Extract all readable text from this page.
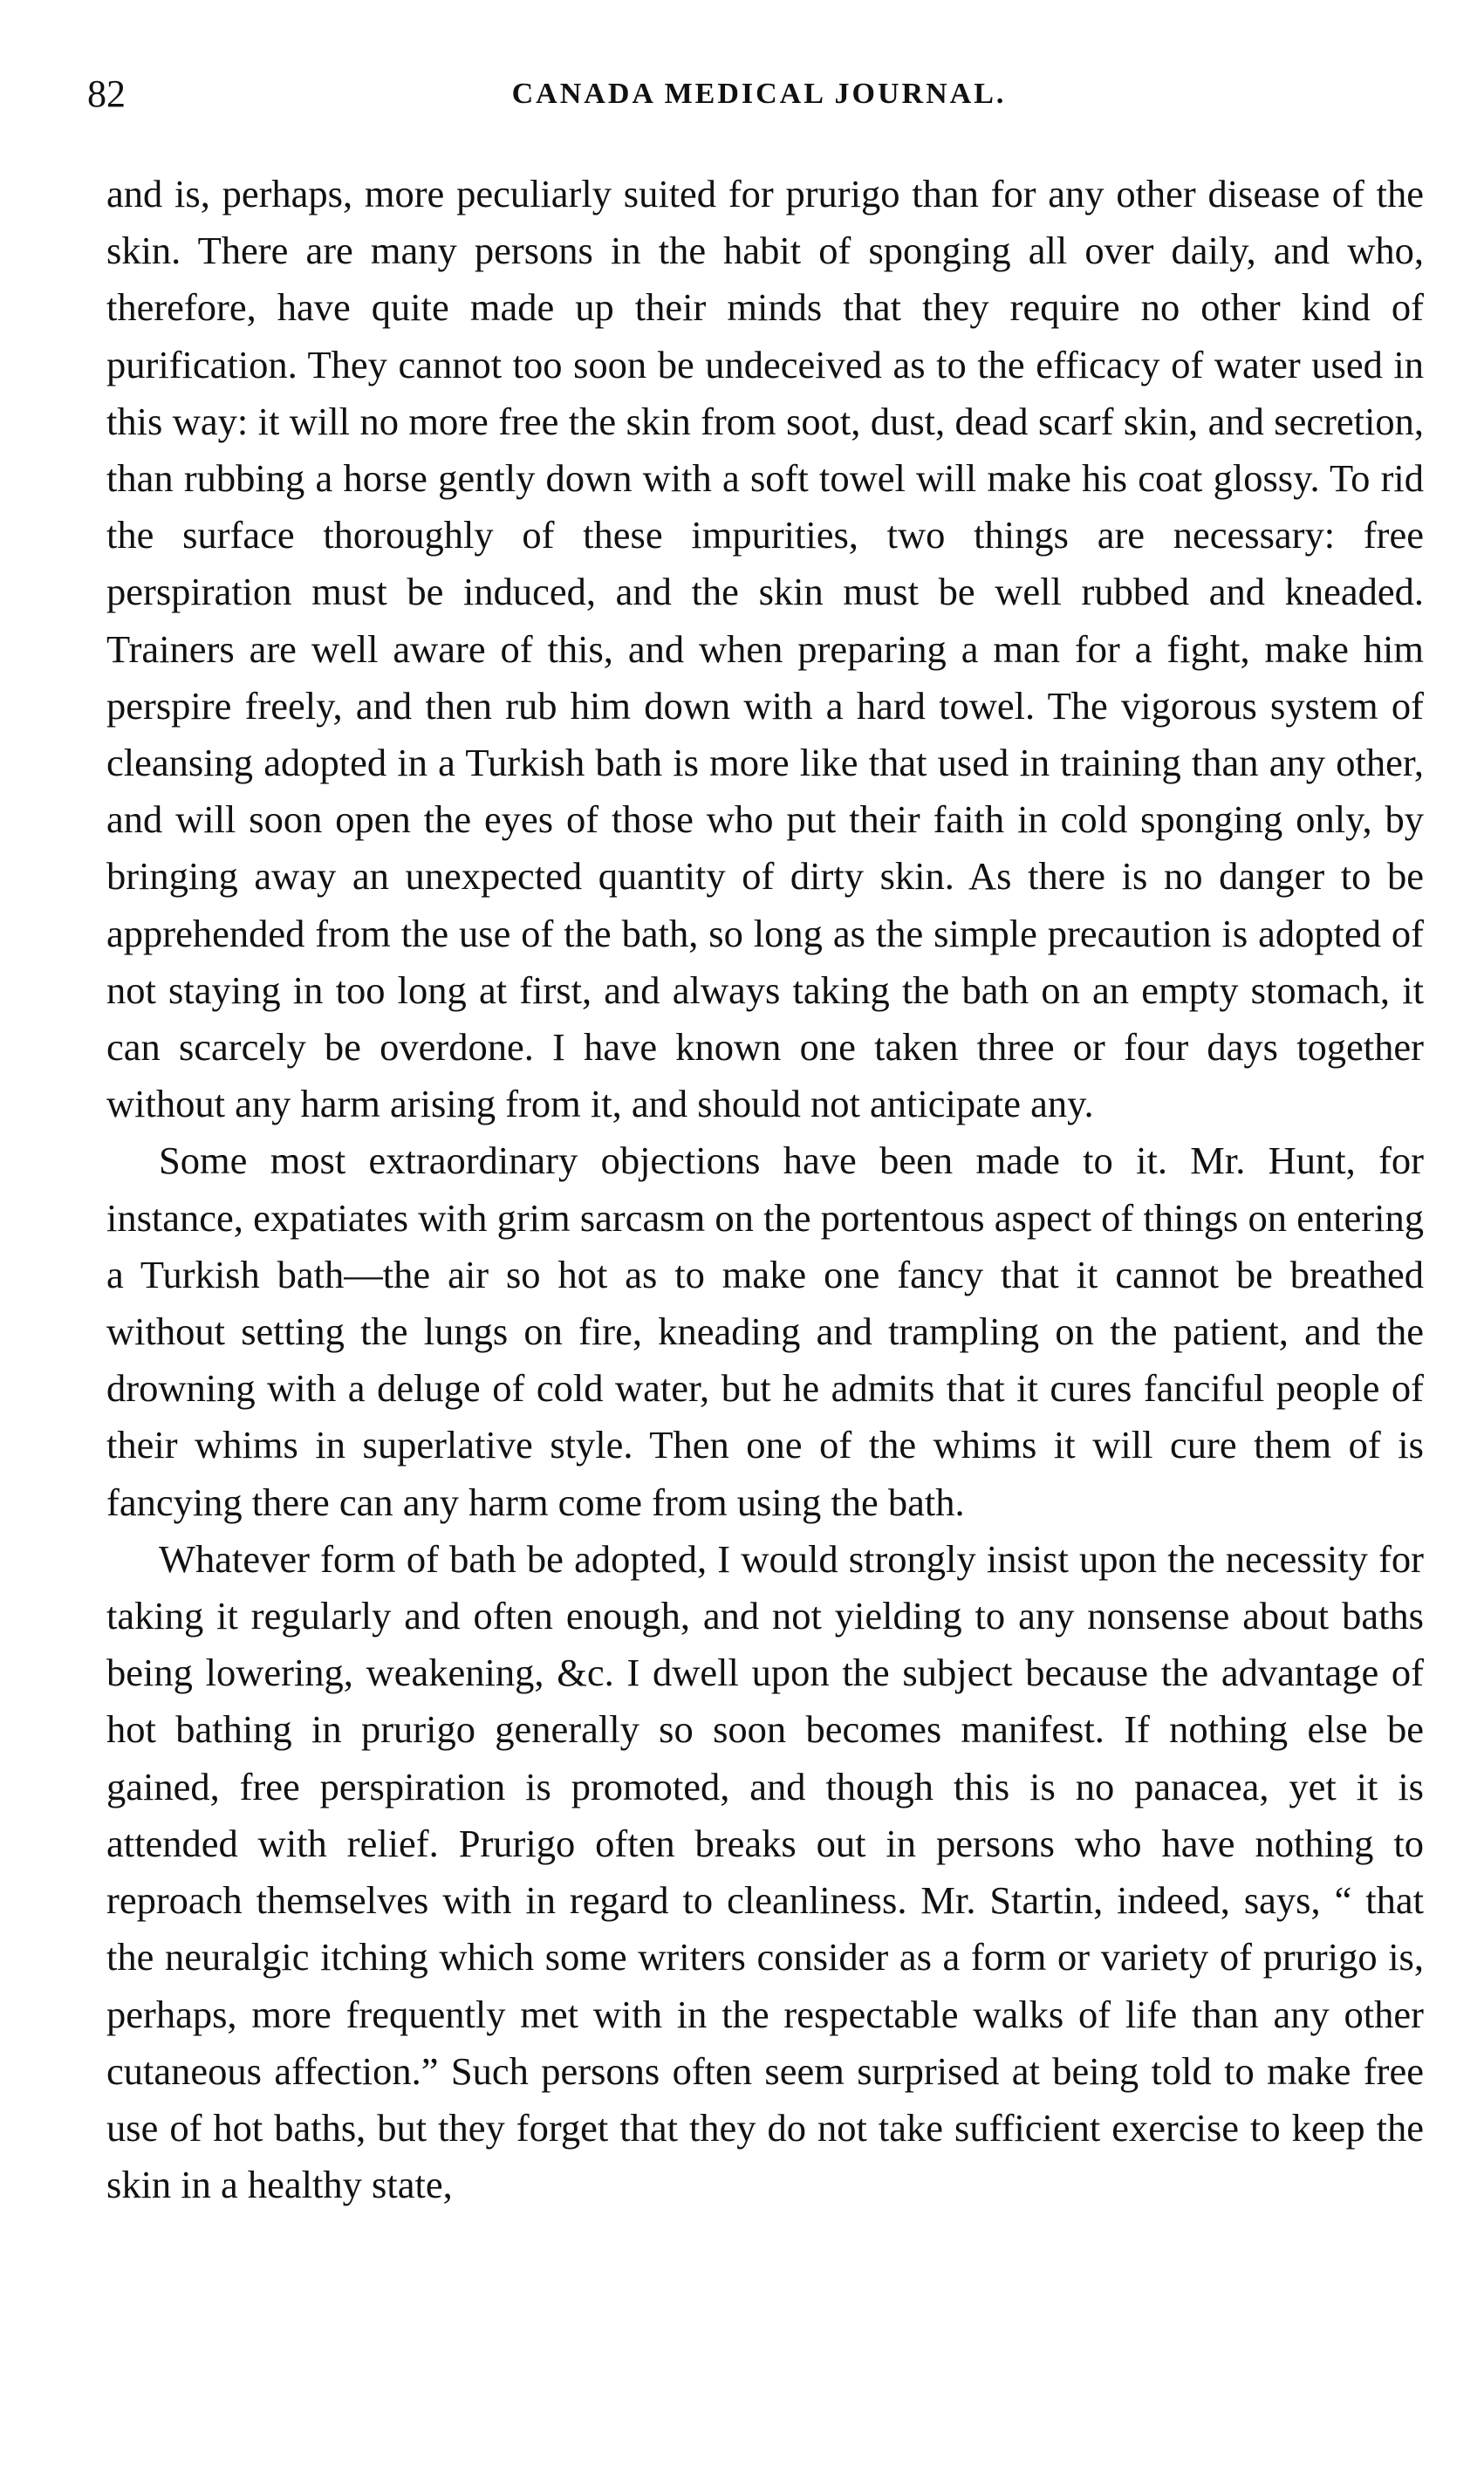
82	CANADA MEDICAL JOURNAL.

and is, perhaps, more peculiarly suited for prurigo than for any other disease of the skin. There are many persons in the habit of sponging all over daily, and who, therefore, have quite made up their minds that they require no other kind of purification. They cannot too soon be undeceived as to the efficacy of water used in this way: it will no more free the skin from soot, dust, dead scarf skin, and secretion, than rubbing a horse gently down with a soft towel will make his coat glossy. To rid the surface thoroughly of these impurities, two things are necessary: free perspiration must be induced, and the skin must be well rubbed and kneaded. Trainers are well aware of this, and when preparing a man for a fight, make him perspire freely, and then rub him down with a hard towel. The vigorous system of cleansing adopted in a Turkish bath is more like that used in training than any other, and will soon open the eyes of those who put their faith in cold sponging only, by bringing away an unexpected quantity of dirty skin. As there is no danger to be apprehended from the use of the bath, so long as the simple precaution is adopted of not staying in too long at first, and always taking the bath on an empty stomach, it can scarcely be overdone. I have known one taken three or four days together without any harm arising from it, and should not anticipate any.

Some most extraordinary objections have been made to it. Mr. Hunt, for instance, expatiates with grim sarcasm on the portentous aspect of things on entering a Turkish bath—the air so hot as to make one fancy that it cannot be breathed without setting the lungs on fire, kneading and trampling on the patient, and the drowning with a deluge of cold water, but he admits that it cures fanciful people of their whims in superlative style. Then one of the whims it will cure them of is fancying there can any harm come from using the bath.

Whatever form of bath be adopted, I would strongly insist upon the necessity for taking it regularly and often enough, and not yielding to any nonsense about baths being lowering, weakening, &c. I dwell upon the subject because the advantage of hot bathing in prurigo generally so soon becomes manifest. If nothing else be gained, free perspiration is promoted, and though this is no panacea, yet it is attended with relief. Prurigo often breaks out in persons who have nothing to reproach themselves with in regard to cleanliness. Mr. Startin, indeed, says, “ that the neuralgic itching which some writers consider as a form or variety of prurigo is, perhaps, more frequently met with in the respectable walks of life than any other cutaneous affection.” Such persons often seem surprised at being told to make free use of hot baths, but they forget that they do not take sufficient exercise to keep the skin in a healthy state,
